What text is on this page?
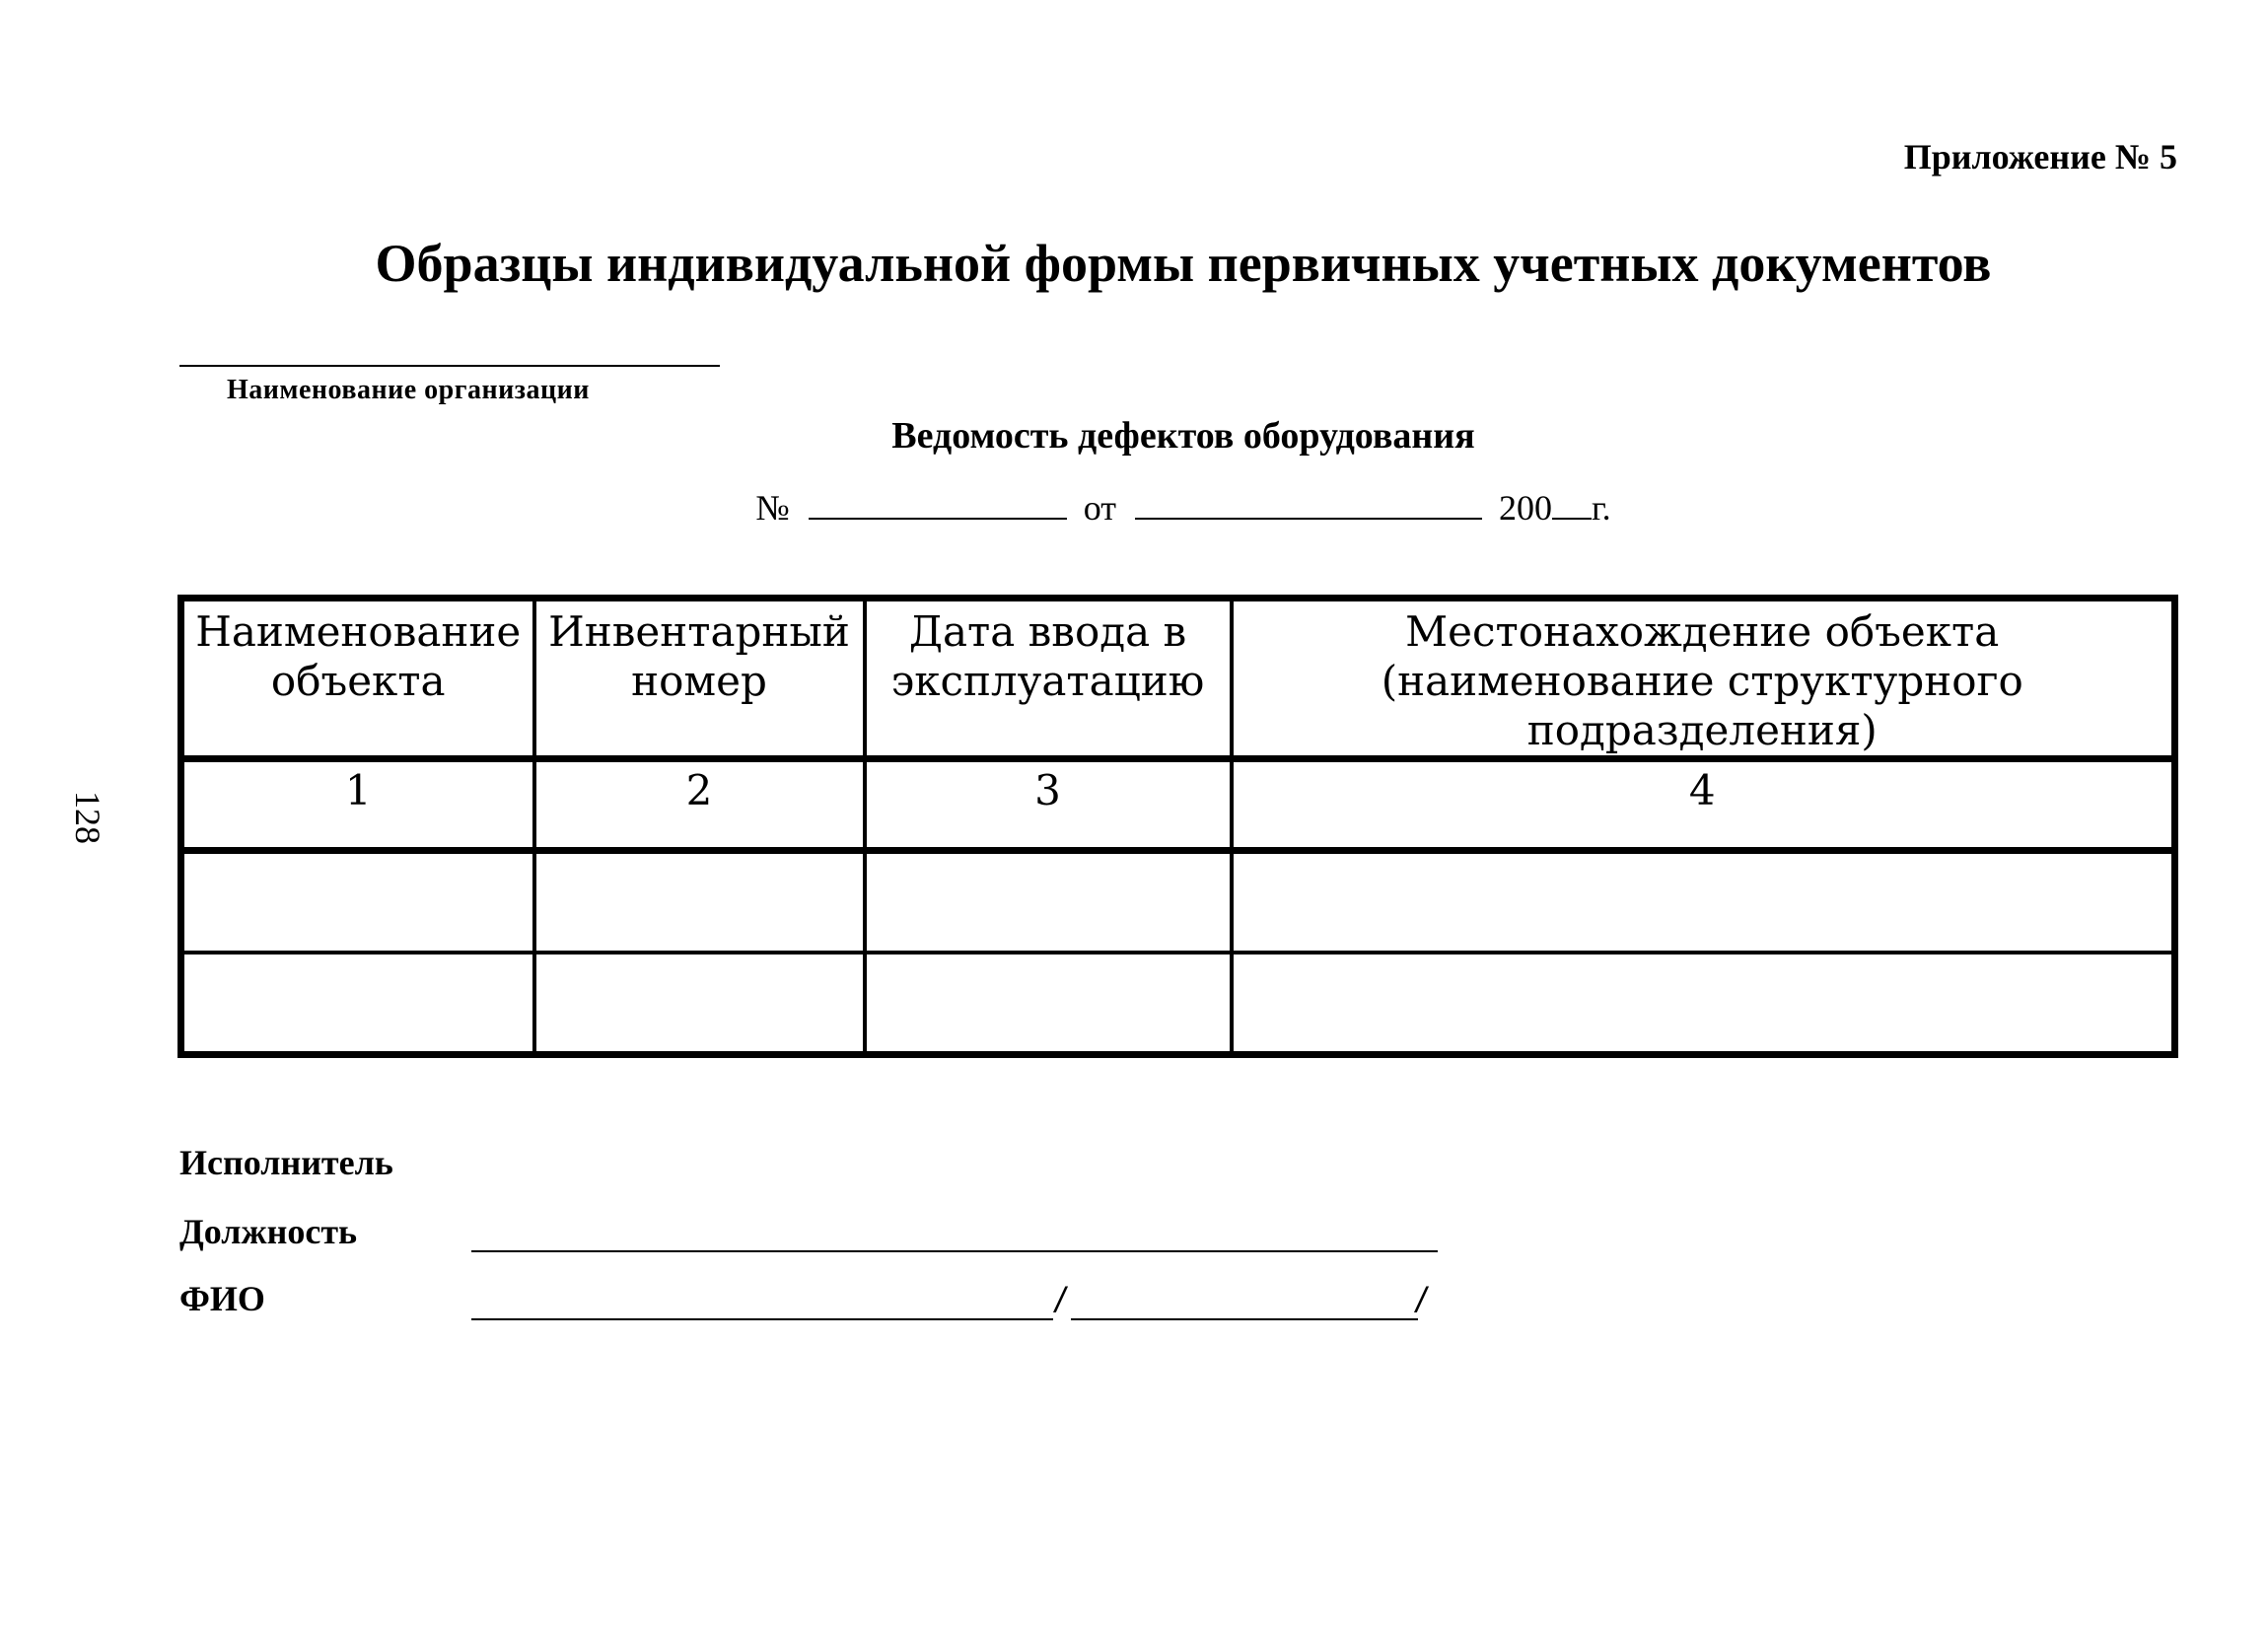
Приложение № 5
Образцы индивидуальной формы первичных учетных документов
Наименование организации
Ведомость дефектов оборудования
№	от	200 г.
128
Наименование объекта	Инвентарный номер	Дата ввода в эксплуатацию	Местонахождение объекта (наименование структурного подразделения)
1	2	3	4

Исполнитель
Должность
ФИО	/	/
